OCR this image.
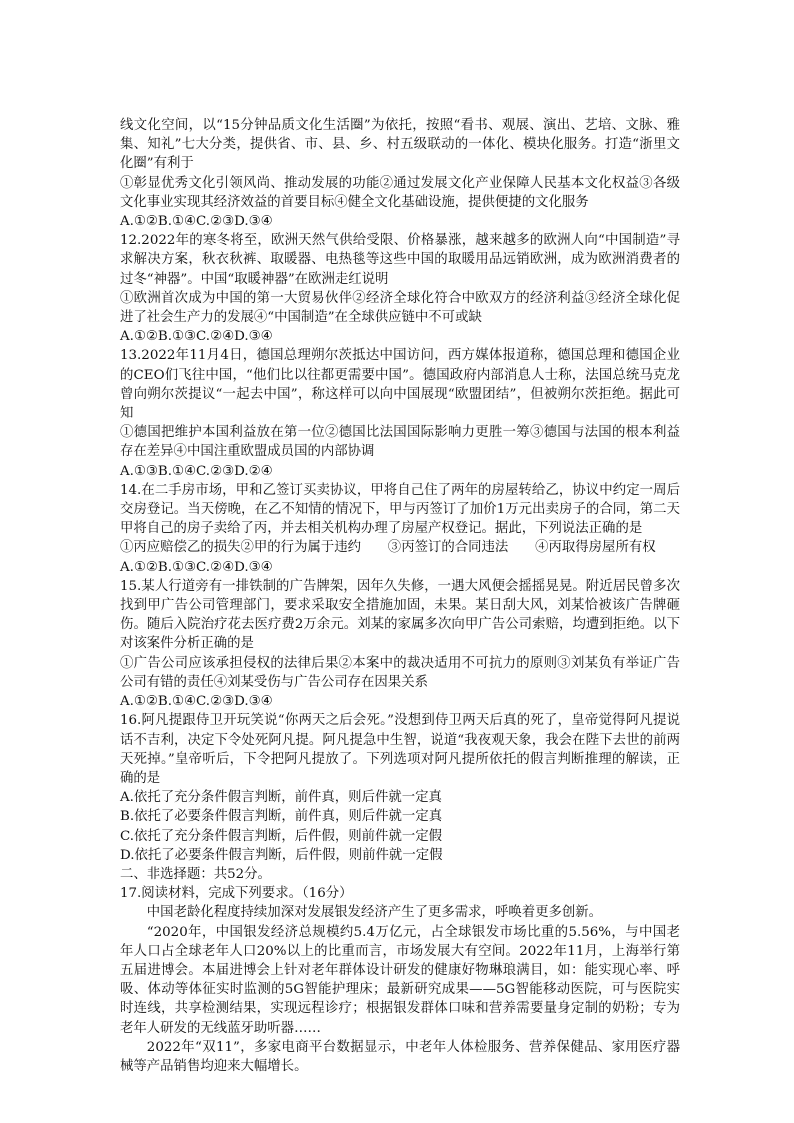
线文化空间，以“15分钟品质文化生活圈”为依托，按照“看书、观展、演出、艺培、文脉、雅集、知礼”七大分类，提供省、市、县、乡、村五级联动的一体化、模块化服务。打造“浙里文化圈”有利于

①彰显优秀文化引领风尚、推动发展的功能②通过发展文化产业保障人民基本文化权益③各级文化事业实现其经济效益的首要目标④健全文化基础设施，提供便捷的文化服务

A.①②B.①④C.②③D.③④

12.2022年的寒冬将至，欧洲天然气供给受限、价格暴涨，越来越多的欧洲人向“中国制造”寻求解决方案，秋衣秋裤、取暖器、电热毯等这些中国的取暖用品远销欧洲，成为欧洲消费者的过冬“神器”。中国“取暖神器”在欧洲走红说明

①欧洲首次成为中国的第一大贸易伙伴②经济全球化符合中欧双方的经济利益③经济全球化促进了社会生产力的发展④“中国制造”在全球供应链中不可或缺

A.①②B.①③C.②④D.③④

13.2022年11月4日，德国总理朔尔茨抵达中国访问，西方媒体报道称，德国总理和德国企业的CEO们飞往中国，“他们比以往都更需要中国”。德国政府内部消息人士称，法国总统马克龙曾向朔尔茨提议“一起去中国”，称这样可以向中国展现“欧盟团结”，但被朔尔茨拒绝。据此可知

①德国把维护本国利益放在第一位②德国比法国国际影响力更胜一筹③德国与法国的根本利益存在差异④中国注重欧盟成员国的内部协调

A.①③B.①④C.②③D.②④

14.在二手房市场，甲和乙签订买卖协议，甲将自己住了两年的房屋转给乙，协议中约定一周后交房登记。当天傍晚，在乙不知情的情况下，甲与丙签订了加价1万元出卖房子的合同，第二天甲将自己的房子卖给了丙，并去相关机构办理了房屋产权登记。据此，下列说法正确的是

①丙应赔偿乙的损失②甲的行为属于违约　　③丙签订的合同违法　　④丙取得房屋所有权

A.①②B.①③C.②④D.③④

15.某人行道旁有一排铁制的广告牌架，因年久失修，一遇大风便会摇摇晃晃。附近居民曾多次找到甲广告公司管理部门，要求采取安全措施加固，未果。某日刮大风，刘某恰被该广告牌砸伤。随后入院治疗花去医疗费2万余元。刘某的家属多次向甲广告公司索赔，均遭到拒绝。以下对该案件分析正确的是

①广告公司应该承担侵权的法律后果②本案中的裁决适用不可抗力的原则③刘某负有举证广告公司有错的责任④刘某受伤与广告公司存在因果关系

A.①②B.①④C.②③D.③④

16.阿凡提跟侍卫开玩笑说“你两天之后会死。”没想到侍卫两天后真的死了，皇帝觉得阿凡提说话不吉利，决定下令处死阿凡提。阿凡提急中生智，说道“我夜观天象，我会在陛下去世的前两天死掉。”皇帝听后，下令把阿凡提放了。下列选项对阿凡提所依托的假言判断推理的解读，正确的是

A.依托了充分条件假言判断，前件真，则后件就一定真

B.依托了必要条件假言判断，前件真，则后件就一定真

C.依托了充分条件假言判断，后件假，则前件就一定假

D.依托了必要条件假言判断，后件假，则前件就一定假

二、非选择题：共52分。

17.阅读材料，完成下列要求。（16分）

中国老龄化程度持续加深对发展银发经济产生了更多需求，呼唤着更多创新。

“2020年，中国银发经济总规模约5.4万亿元，占全球银发市场比重的5.56%，与中国老年人口占全球老年人口20%以上的比重而言，市场发展大有空间。2022年11月，上海举行第五届进博会。本届进博会上针对老年群体设计研发的健康好物琳琅满目，如：能实现心率、呼吸、体动等体征实时监测的5G智能护理床；最新研究成果——5G智能移动医院，可与医院实时连线，共享检测结果，实现远程诊疗；根据银发群体口味和营养需要量身定制的奶粉；专为老年人研发的无线蓝牙助听器……

2022年“双11”，多家电商平台数据显示，中老年人体检服务、营养保健品、家用医疗器械等产品销售均迎来大幅增长。
